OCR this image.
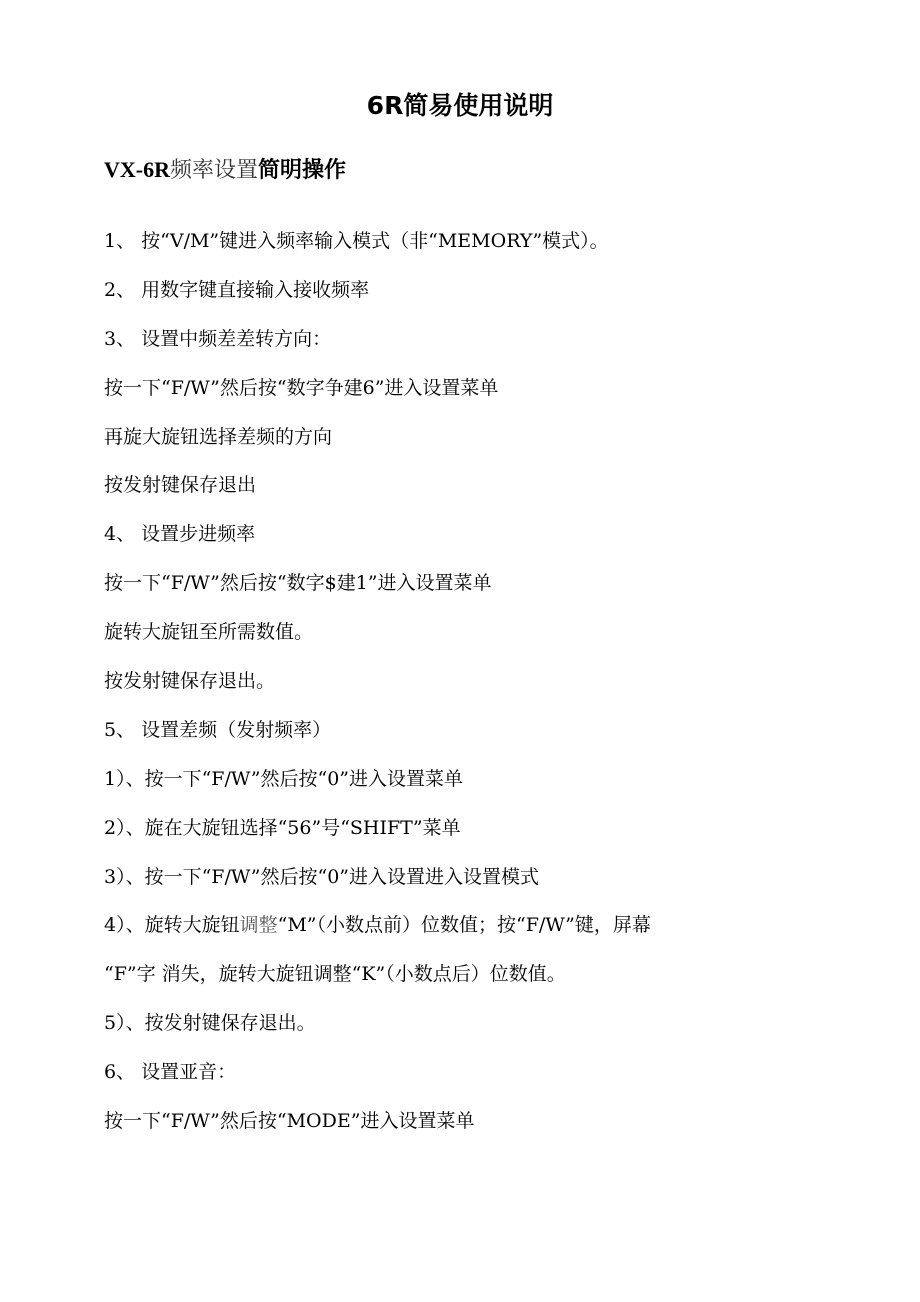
6R简易使用说明
VX-6R频率设置简明操作
1、 按“V/M”键进入频率输入模式（非“MEMORY”模式）。
2、 用数字键直接输入接收频率
3、 设置中频差差转方向：
按一下“F/W”然后按“数字争建6”进入设置菜单
再旋大旋钮选择差频的方向
按发射键保存退出
4、 设置步进频率
按一下“F/W”然后按“数字$建1”进入设置菜单
旋转大旋钮至所需数值。
按发射键保存退出。
5、 设置差频（发射频率）
1）、按一下“F/W”然后按“0”进入设置菜单
2）、旋在大旋钮选择“56”号“SHIFT”菜单
3）、按一下“F/W”然后按“0”进入设置进入设置模式
4）、旋转大旋钮调整“M”（小数点前）位数值；按“F/W”键，屏幕
“F”字 消失，旋转大旋钮调整“K”（小数点后）位数值。
5）、按发射键保存退出。
6、 设置亚音：
按一下“F/W”然后按“MODE”进入设置菜单
